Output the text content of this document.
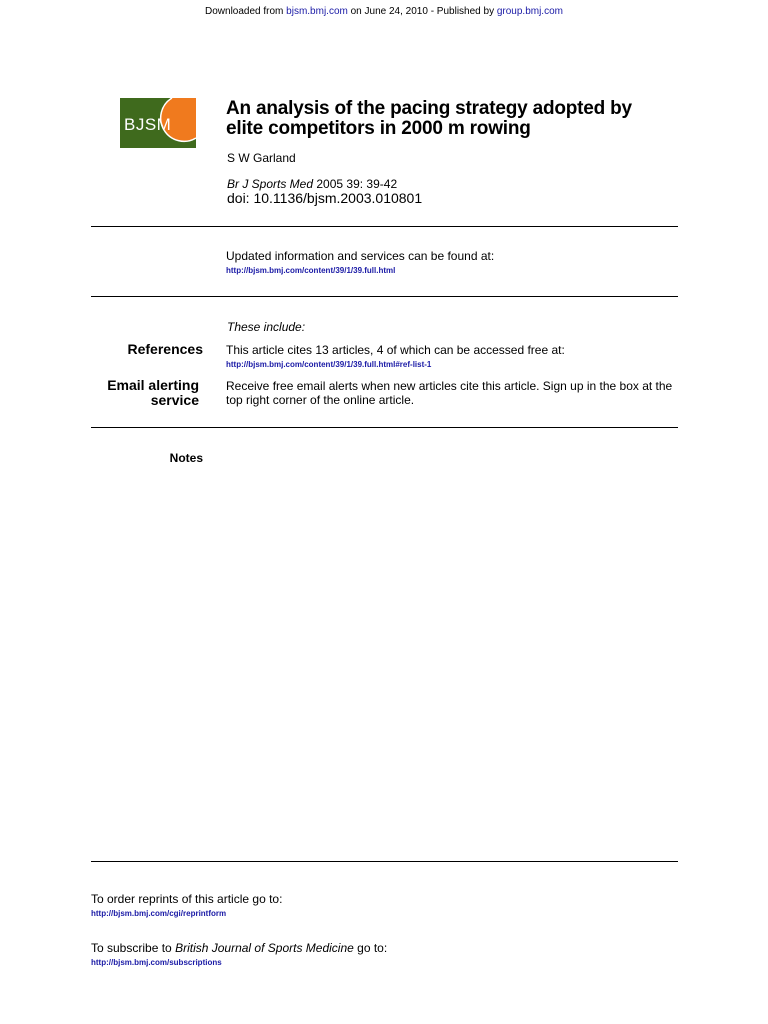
Downloaded from bjsm.bmj.com on June 24, 2010 - Published by group.bmj.com
BJSM
An analysis of the pacing strategy adopted by
elite competitors in 2000 m rowing
S W Garland
Br J Sports Med 2005 39: 39-42
doi: 10.1136/bjsm.2003.010801
Updated information and services can be found at:
http://bjsm.bmj.com/content/39/1/39.full.html
These include:
References This article cites 13 articles, 4 of which can be accessed free at:
http://bjsm.bmj.com/content/39/1/39.full.html#ref-list-1
Email alerting
service
Receive free email alerts when new articles cite this article. Sign up in the box at the top right corner of the online article.
Notes
To order reprints of this article go to:
http://bjsm.bmj.com/cgi/reprintform
To subscribe to British Journal of Sports Medicine go to:
http://bjsm.bmj.com/subscriptions
